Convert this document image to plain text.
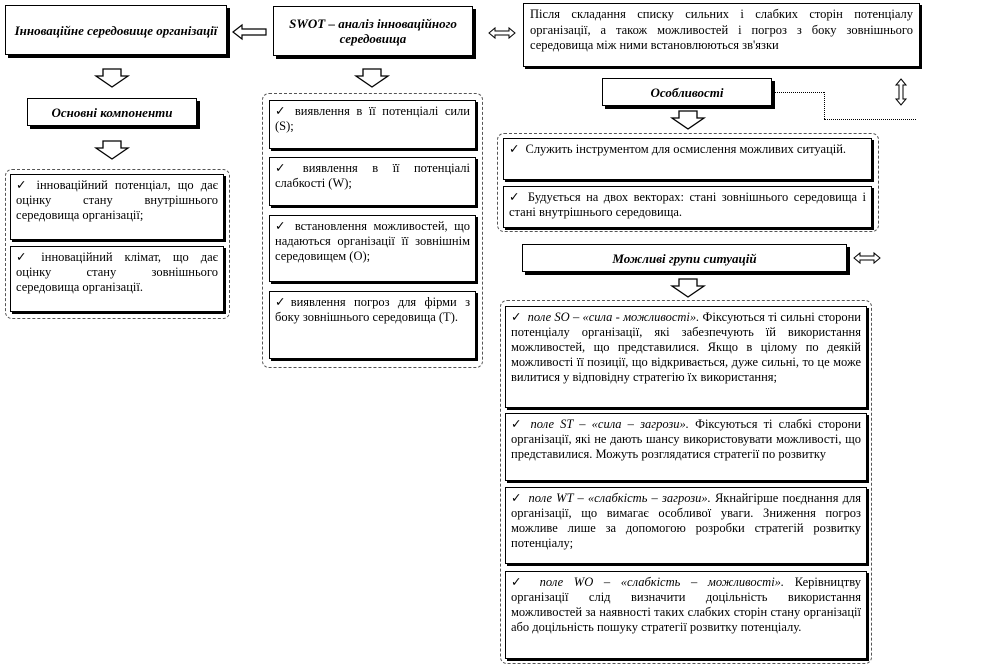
Інноваційне середовище організації	SWOT – аналіз інноваційного середовища
Після складання списку сильних і слабких сторін потенціалу організації, а також можливостей і погроз з боку зовнішнього середовища між ними встановлюються зв'язки
Основні компоненти
✓ інноваційний потенціал, що дає оцінку стану внутрішнього середовища організації;
✓ інноваційний клімат, що дає оцінку стану зовнішнього середовища організації.
✓ виявлення в її потенціалі сили (S);
✓ виявлення в її потенціалі слабкості (W);
✓ встановлення можливостей, що надаються організації її зовнішнім середовищем (O);
✓виявлення погроз для фірми з боку зовнішнього середовища (T).
Особливості
✓ Служить інструментом для осмислення можливих ситуацій.
✓ Будується на двох векторах: стані зовнішнього середовища і стані внутрішнього середовища.
Можливі групи ситуацій
✓ поле SO – «сила - можливості». Фіксуються ті сильні сторони потенціалу організації, які забезпечують їй використання можливостей, що представилися. Якщо в цілому по деякій можливості її позиції, що відкривається, дуже сильні, то це може вилитися у відповідну стратегію їх використання;
✓ поле ST – «сила – загрози». Фіксуються ті слабкі сторони організації, які не дають шансу використовувати можливості, що представилися. Можуть розглядатися стратегії по розвитку
✓ поле WT – «слабкість – загрози». Якнайгірше поєднання для організації, що вимагає особливої уваги. Зниження погроз можливе лише за допомогою розробки стратегій розвитку потенціалу;
✓ поле WO – «слабкість – можливості». Керівництву організації слід визначити доцільність використання можливостей за наявності таких слабких сторін стану організації або доцільність пошуку стратегії розвитку потенціалу.
